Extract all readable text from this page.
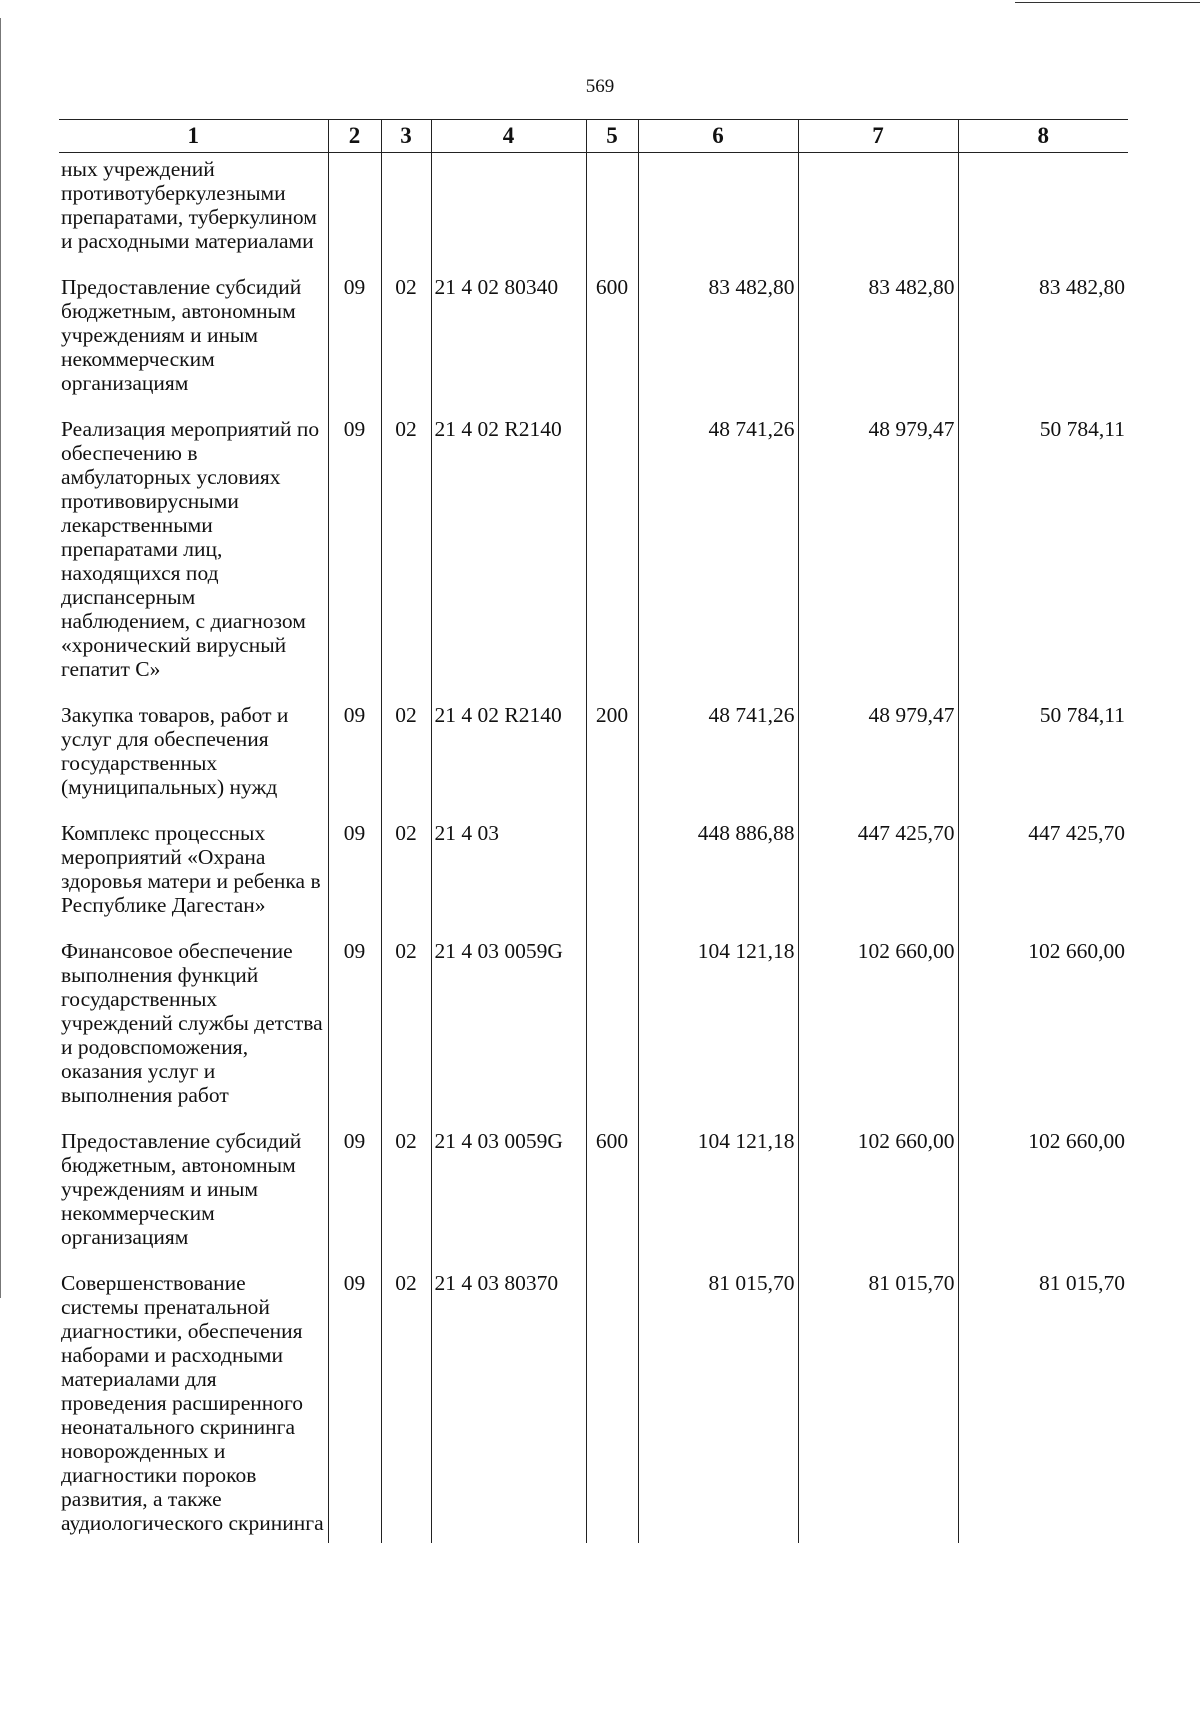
569
1	2	3	4	5	6	7	8
ных учреждений противотуберкулезными препаратами, туберкулином и расходными материалами							
Предоставление субсидий бюджетным, автономным учреждениям и иным некоммерческим организациям	09	02	21 4 02 80340	600	83 482,80	83 482,80	83 482,80
Реализация мероприятий по обеспечению в амбулаторных условиях противовирусными лекарственными препаратами лиц, находящихся под диспансерным наблюдением, с диагнозом «хронический вирусный гепатит С»	09	02	21 4 02 R2140		48 741,26	48 979,47	50 784,11
Закупка товаров, работ и услуг для обеспечения государственных (муниципальных) нужд	09	02	21 4 02 R2140	200	48 741,26	48 979,47	50 784,11
Комплекс процессных мероприятий «Охрана здоровья матери и ребенка в Республике Дагестан»	09	02	21 4 03		448 886,88	447 425,70	447 425,70
Финансовое обеспечение выполнения функций государственных учреждений службы детства и родовспоможения, оказания услуг и выполнения работ	09	02	21 4 03 0059G		104 121,18	102 660,00	102 660,00
Предоставление субсидий бюджетным, автономным учреждениям и иным некоммерческим организациям	09	02	21 4 03 0059G	600	104 121,18	102 660,00	102 660,00
Совершенствование системы пренатальной диагностики, обеспечения наборами и расходными материалами для проведения расширенного неонатального скрининга новорожденных и диагностики пороков развития, а также аудиологического скрининга	09	02	21 4 03 80370		81 015,70	81 015,70	81 015,70
